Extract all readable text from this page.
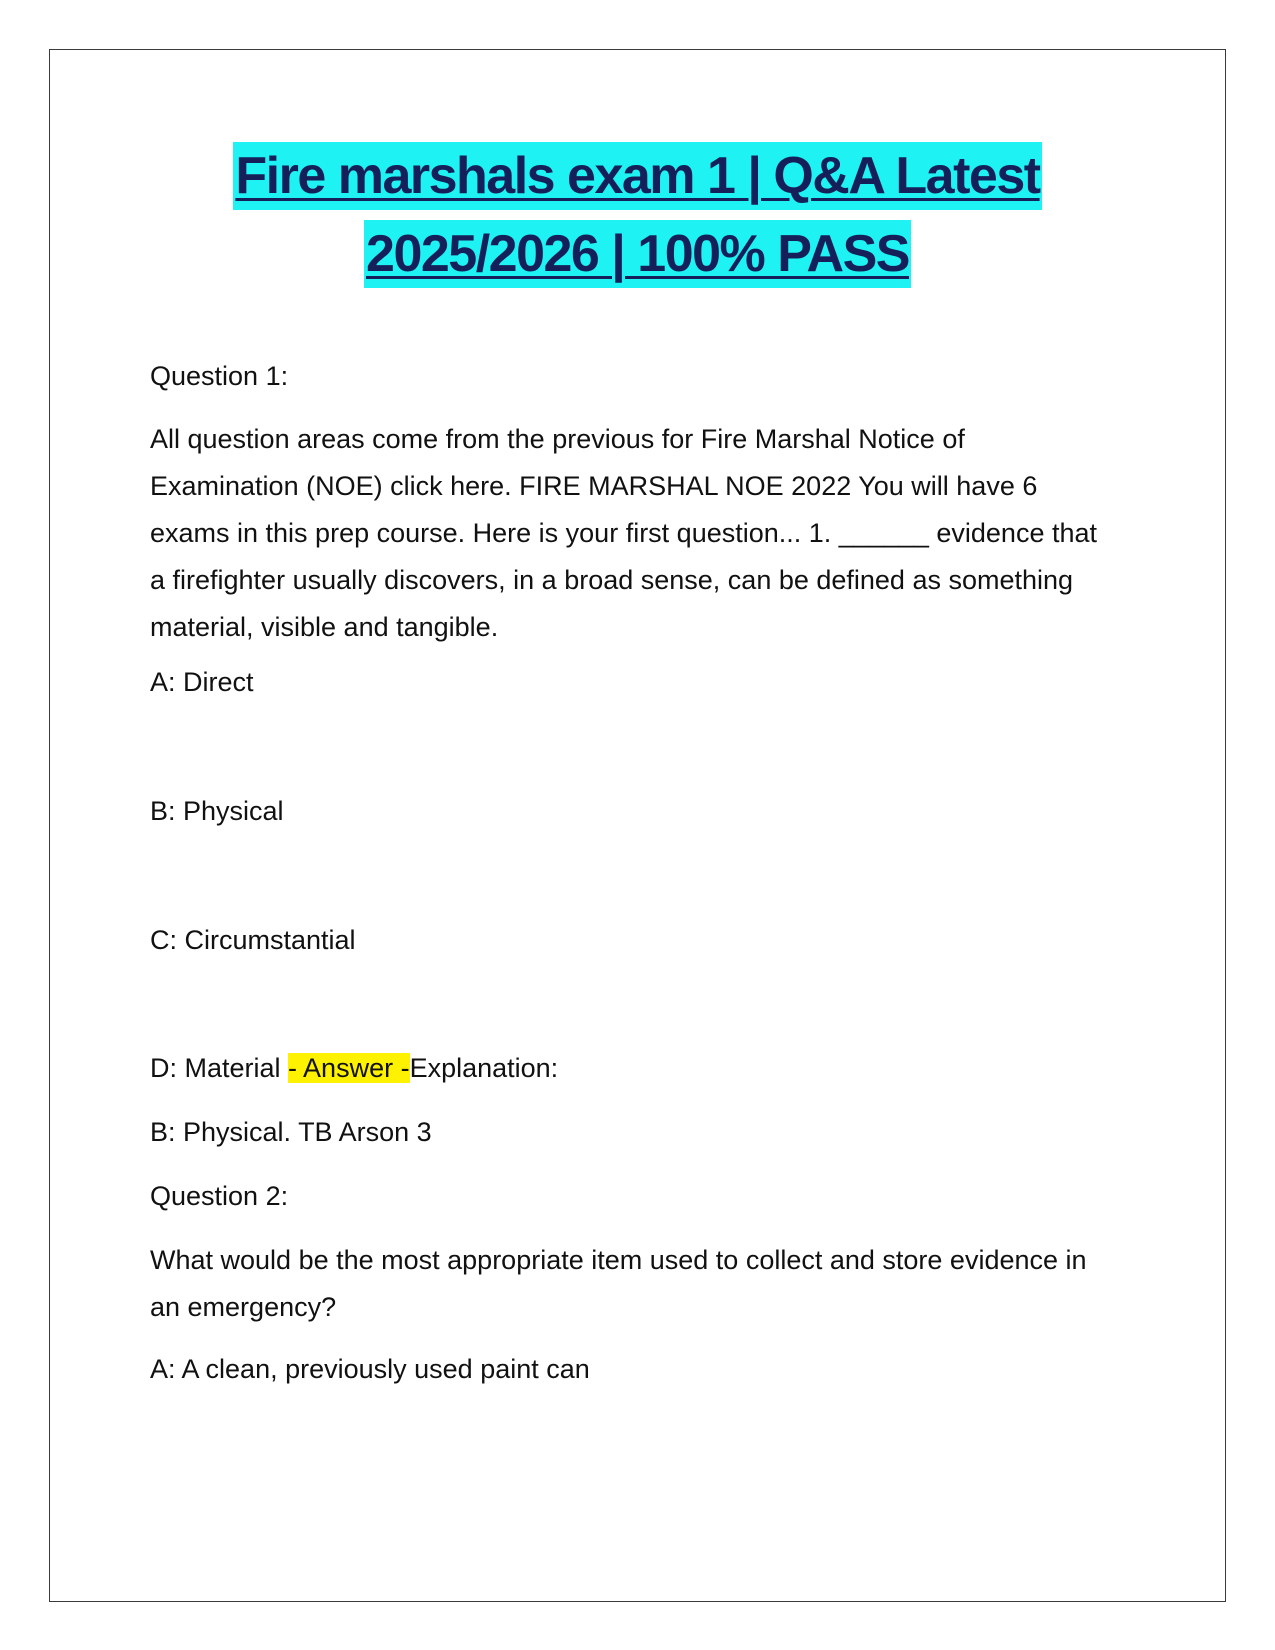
Fire marshals exam 1 | Q&A Latest
2025/2026 | 100% PASS

Question 1:

All question areas come from the previous for Fire Marshal Notice of Examination (NOE) click here. FIRE MARSHAL NOE 2022 You will have 6 exams in this prep course. Here is your first question... 1. ______ evidence that a firefighter usually discovers, in a broad sense, can be defined as something material, visible and tangible.

A: Direct

B: Physical

C: Circumstantial

D: Material - Answer -Explanation:

B: Physical. TB Arson 3

Question 2:

What would be the most appropriate item used to collect and store evidence in an emergency?

A: A clean, previously used paint can
